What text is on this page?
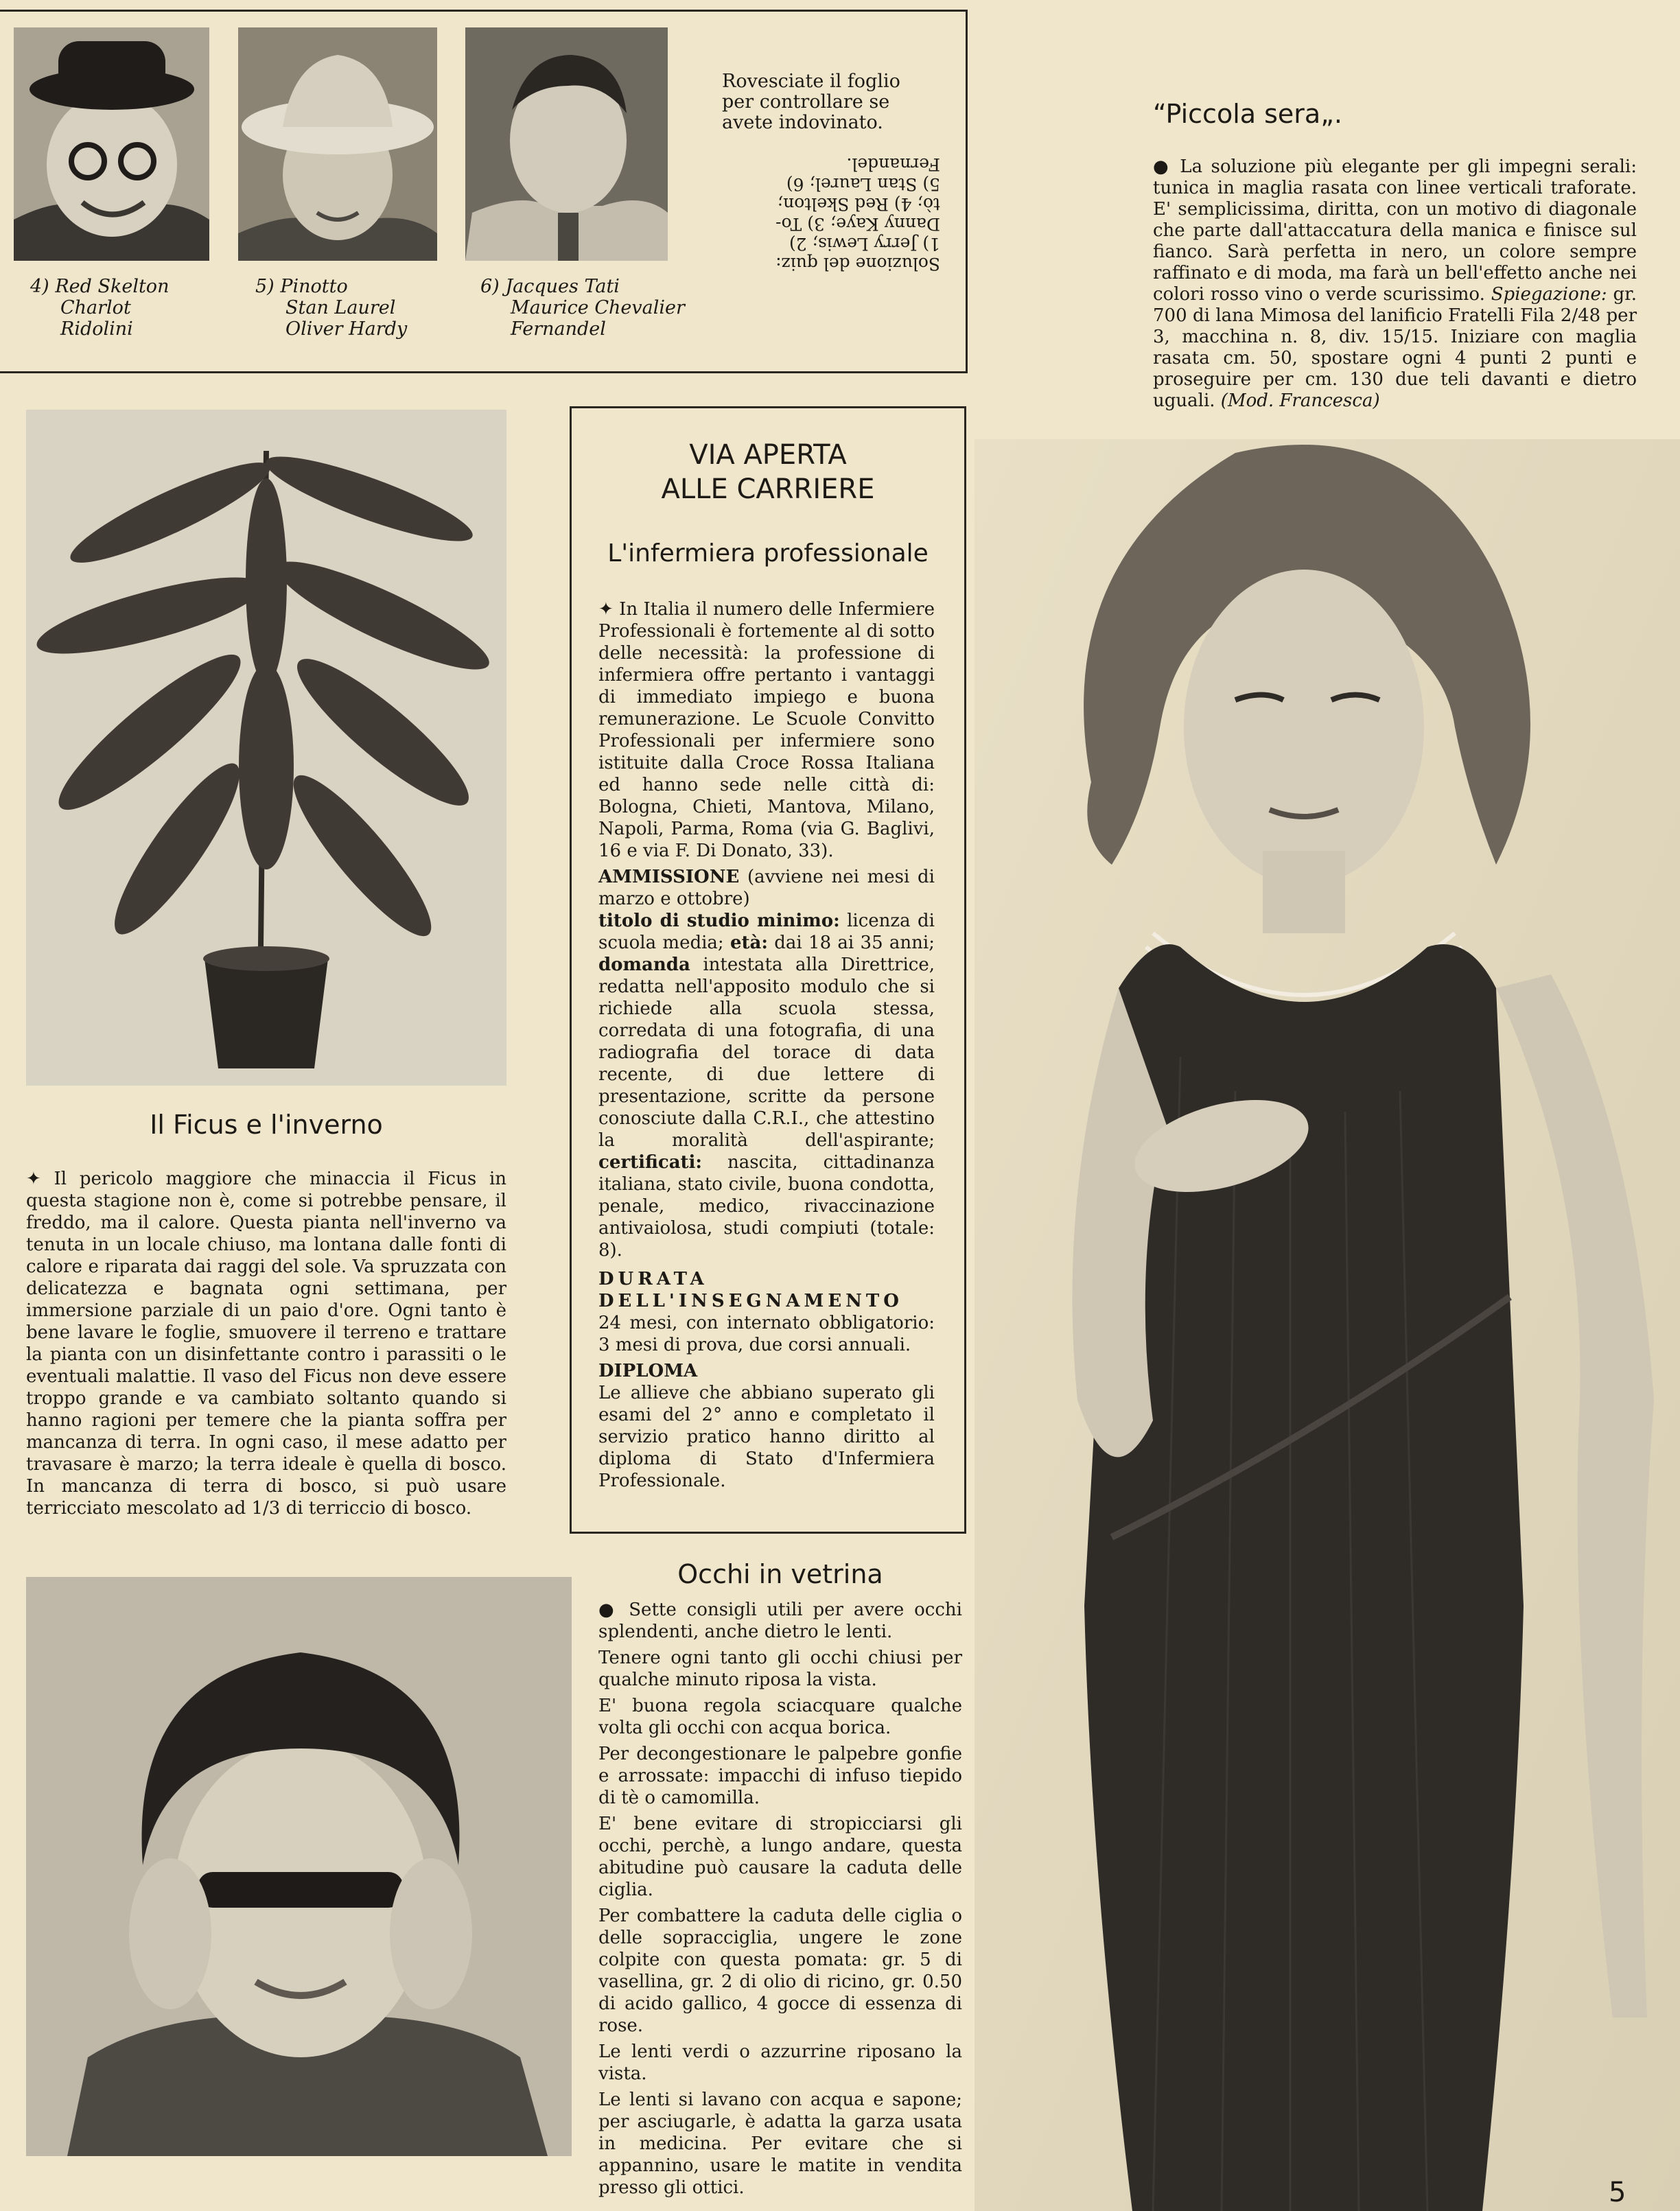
4) Red Skelton
Charlot
Ridolini
5) Pinotto
Stan Laurel
Oliver Hardy
6) Jacques Tati
Maurice Chevalier
Fernandel
Rovesciate il foglio per controllare se avete indovinato.
Soluzione del quiz:
1) Jerry Lewis; 2)
Danny Kaye; 3) To-
tò; 4) Red Skelton;
5) Stan Laurel; 6)
Fernandel.
Il Ficus e l'inverno

✦ Il pericolo maggiore che minaccia il Ficus in questa stagione non è, come si potrebbe pensare, il freddo, ma il calore. Questa pianta nell'inverno va tenuta in un locale chiuso, ma lontana dalle fonti di calore e riparata dai raggi del sole. Va spruzzata con delicatezza e bagnata ogni settimana, per immersione parziale di un paio d'ore. Ogni tanto è bene lavare le foglie, smuovere il terreno e trattare la pianta con un disinfettante contro i parassiti o le eventuali malattie. Il vaso del Ficus non deve essere troppo grande e va cambiato soltanto quando si hanno ragioni per temere che la pianta soffra per mancanza di terra. In ogni caso, il mese adatto per travasare è marzo; la terra ideale è quella di bosco. In mancanza di terra di bosco, si può usare terricciato mescolato ad 1/3 di terriccio di bosco.

VIA APERTA
ALLE CARRIERE
L'infermiera professionale

✦ In Italia il numero delle Infermiere Professionali è fortemente al di sotto delle necessità: la professione di infermiera offre pertanto i vantaggi di immediato impiego e buona remunerazione. Le Scuole Convitto Professionali per infermiere sono istituite dalla Croce Rossa Italiana ed hanno sede nelle città di: Bologna, Chieti, Mantova, Milano, Napoli, Parma, Roma (via G. Baglivi, 16 e via F. Di Donato, 33).

AMMISSIONE (avviene nei mesi di marzo e ottobre)
titolo di studio minimo: licenza di scuola media; età: dai 18 ai 35 anni; domanda intestata alla Direttrice, redatta nell'apposito modulo che si richiede alla scuola stessa, corredata di una fotografia, di una radiografia del torace di data recente, di due lettere di presentazione, scritte da persone conosciute dalla C.R.I., che attestino la moralità dell'aspirante; certificati: nascita, cittadinanza italiana, stato civile, buona condotta, penale, medico, rivaccinazione antivaiolosa, studi compiuti (totale: 8).

DURATA DELL'INSEGNAMENTO
24 mesi, con internato obbligatorio: 3 mesi di prova, due corsi annuali.

DIPLOMA
Le allieve che abbiano superato gli esami del 2° anno e completato il servizio pratico hanno diritto al diploma di Stato d'Infermiera Professionale.

Occhi in vetrina

● Sette consigli utili per avere occhi splendenti, anche dietro le lenti.

Tenere ogni tanto gli occhi chiusi per qualche minuto riposa la vista.

E' buona regola sciacquare qualche volta gli occhi con acqua borica.

Per decongestionare le palpebre gonfie e arrossate: impacchi di infuso tiepido di tè o camomilla.

E' bene evitare di stropicciarsi gli occhi, perchè, a lungo andare, questa abitudine può causare la caduta delle ciglia.

Per combattere la caduta delle ciglia o delle sopracciglia, ungere le zone colpite con questa pomata: gr. 5 di vasellina, gr. 2 di olio di ricino, gr. 0.50 di acido gallico, 4 gocce di essenza di rose.

Le lenti verdi o azzurrine riposano la vista.

Le lenti si lavano con acqua e sapone; per asciugarle, è adatta la garza usata in medicina. Per evitare che si appannino, usare le matite in vendita presso gli ottici.

“Piccola sera„.

● La soluzione più elegante per gli impegni serali: tunica in maglia rasata con linee verticali traforate. E' semplicissima, diritta, con un motivo di diagonale che parte dall'attaccatura della manica e finisce sul fianco. Sarà perfetta in nero, un colore sempre raffinato e di moda, ma farà un bell'effetto anche nei colori rosso vino o verde scurissimo. Spiegazione: gr. 700 di lana Mimosa del lanificio Fratelli Fila 2/48 per 3, macchina n. 8, div. 15/15. Iniziare con maglia rasata cm. 50, spostare ogni 4 punti 2 punti e proseguire per cm. 130 due teli davanti e dietro uguali. (Mod. Francesca)

5
